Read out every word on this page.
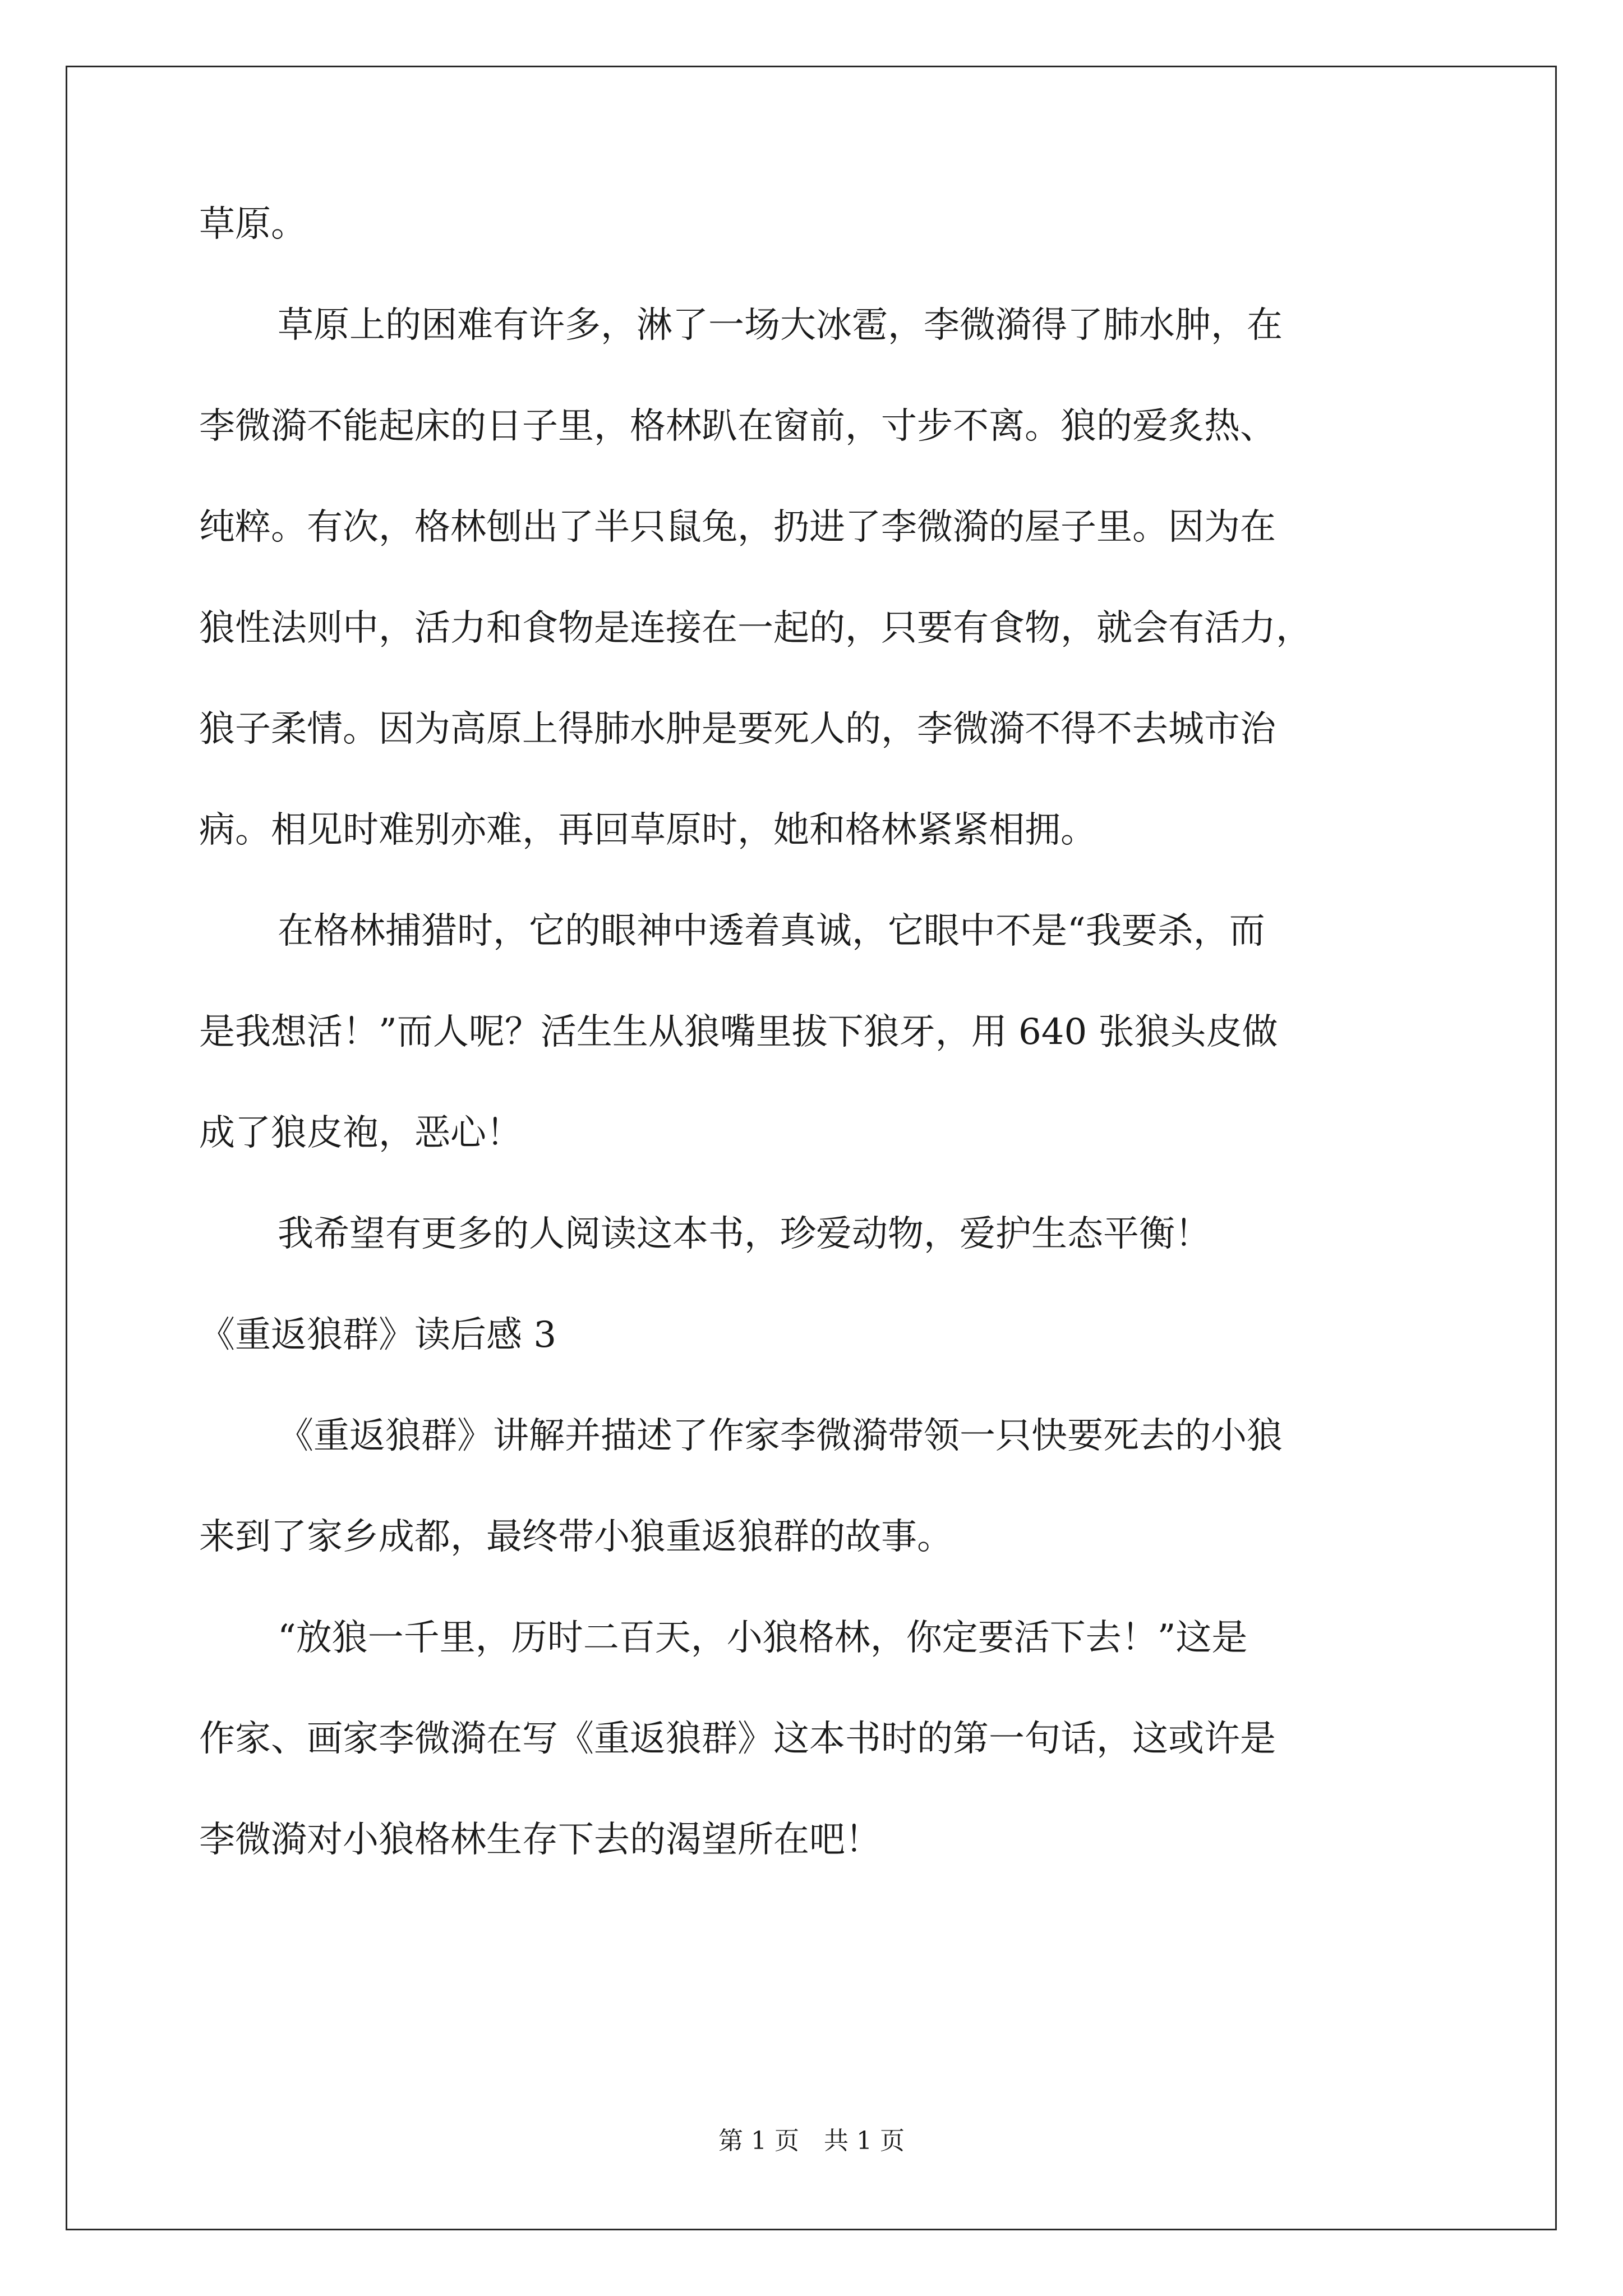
草原。
草原上的困难有许多，淋了一场大冰雹，李微漪得了肺水肿，在
李微漪不能起床的日子里，格林趴在窗前，寸步不离。狼的爱炙热、
纯粹。有次，格林刨出了半只鼠兔，扔进了李微漪的屋子里。因为在
狼性法则中，活力和食物是连接在一起的，只要有食物，就会有活力，
狼子柔情。因为高原上得肺水肿是要死人的，李微漪不得不去城市治
病。相见时难别亦难，再回草原时，她和格林紧紧相拥。
在格林捕猎时，它的眼神中透着真诚，它眼中不是“我要杀，而
是我想活！”而人呢？活生生从狼嘴里拔下狼牙，用 640 张狼头皮做
成了狼皮袍，恶心！
我希望有更多的人阅读这本书，珍爱动物，爱护生态平衡！
《重返狼群》读后感 3
《重返狼群》讲解并描述了作家李微漪带领一只快要死去的小狼
来到了家乡成都，最终带小狼重返狼群的故事。
“放狼一千里，历时二百天，小狼格林，你定要活下去！”这是
作家、画家李微漪在写《重返狼群》这本书时的第一句话，这或许是
李微漪对小狼格林生存下去的渴望所在吧！
第 1 页　共 1 页
